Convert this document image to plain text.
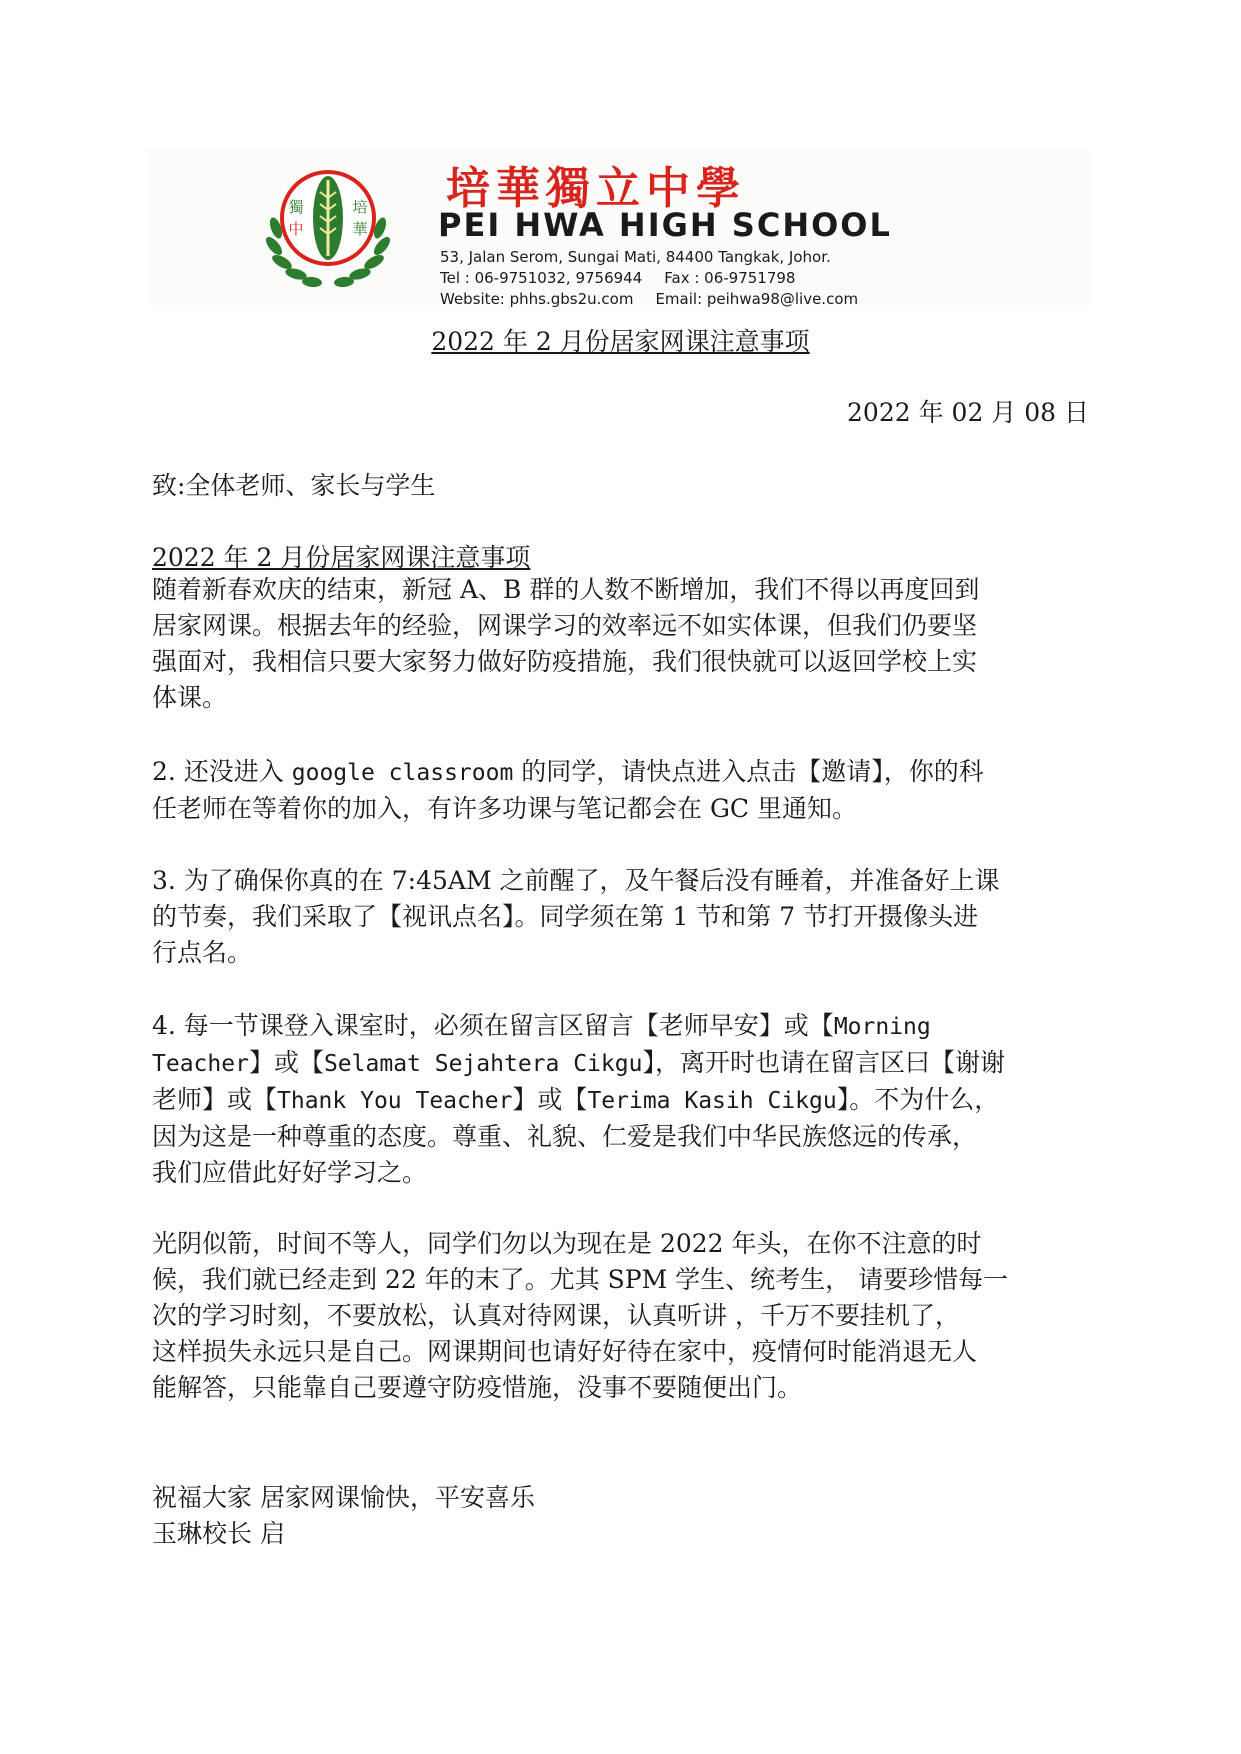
獨
中
培
華
培華獨立中學
PEI HWA HIGH SCHOOL
53, Jalan Serom, Sungai Mati, 84400 Tangkak, Johor.
Tel : 06-9751032, 9756944 Fax : 06-9751798
Website: phhs.gbs2u.com Email: peihwa98@live.com
2022 年 2 月份居家网课注意事项
2022 年 02 月 08 日
致:全体老师、家长与学生
2022 年 2 月份居家网课注意事项
随着新春欢庆的结束，新冠 A、B 群的人数不断增加，我们不得以再度回到
居家网课。根据去年的经验，网课学习的效率远不如实体课，但我们仍要坚
强面对，我相信只要大家努力做好防疫措施，我们很快就可以返回学校上实
体课。
2. 还没进入 google classroom 的同学，请快点进入点击【邀请】，你的科
任老师在等着你的加入，有许多功课与笔记都会在 GC 里通知。
3. 为了确保你真的在 7:45AM 之前醒了，及午餐后没有睡着，并准备好上课
的节奏，我们采取了【视讯点名】。同学须在第 1 节和第 7 节打开摄像头进
行点名。
4. 每一节课登入课室时，必须在留言区留言【老师早安】或【Morning
Teacher】或【Selamat Sejahtera Cikgu】，离开时也请在留言区曰【谢谢
老师】或【Thank You Teacher】或【Terima Kasih Cikgu】。不为什么，
因为这是一种尊重的态度。尊重、礼貌、仁爱是我们中华民族悠远的传承，
我们应借此好好学习之。
光阴似箭，时间不等人，同学们勿以为现在是 2022 年头，在你不注意的时
候，我们就已经走到 22 年的末了。尤其 SPM 学生、统考生， 请要珍惜每一
次的学习时刻，不要放松，认真对待网课，认真听讲 ，千万不要挂机了，
这样损失永远只是自己。网课期间也请好好待在家中，疫情何时能消退无人
能解答，只能靠自己要遵守防疫惜施，没事不要随便出门。
祝福大家 居家网课愉快，平安喜乐
玉琳校长 启
